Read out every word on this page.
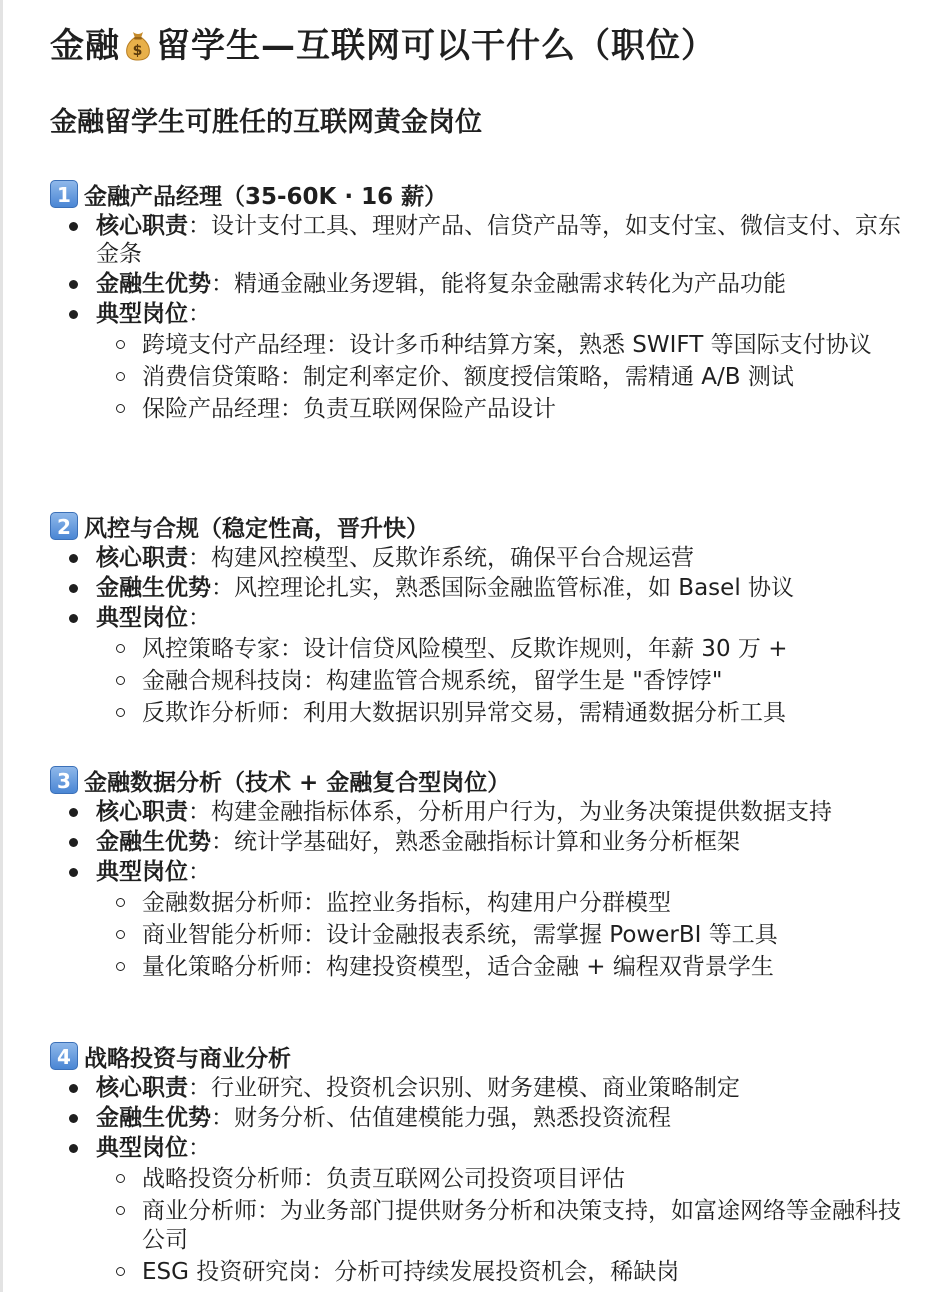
金融 $ 留学生—互联网可以干什么（职位）
金融留学生可胜任的互联网黄金岗位
1 金融产品经理（35-60K · 16 薪）
核心职责：设计支付工具、理财产品、信贷产品等，如支付宝、微信支付、京东金条
金融生优势：精通金融业务逻辑，能将复杂金融需求转化为产品功能
典型岗位：
跨境支付产品经理：设计多币种结算方案，熟悉 SWIFT 等国际支付协议
消费信贷策略：制定利率定价、额度授信策略，需精通 A/B 测试
保险产品经理：负责互联网保险产品设计
2 风控与合规（稳定性高，晋升快）
核心职责：构建风控模型、反欺诈系统，确保平台合规运营
金融生优势：风控理论扎实，熟悉国际金融监管标准，如 Basel 协议
典型岗位：
风控策略专家：设计信贷风险模型、反欺诈规则，年薪 30 万 +
金融合规科技岗：构建监管合规系统，留学生是 "香饽饽"
反欺诈分析师：利用大数据识别异常交易，需精通数据分析工具
3 金融数据分析（技术 + 金融复合型岗位）
核心职责：构建金融指标体系，分析用户行为，为业务决策提供数据支持
金融生优势：统计学基础好，熟悉金融指标计算和业务分析框架
典型岗位：
金融数据分析师：监控业务指标，构建用户分群模型
商业智能分析师：设计金融报表系统，需掌握 PowerBI 等工具
量化策略分析师：构建投资模型，适合金融 + 编程双背景学生
4 战略投资与商业分析
核心职责：行业研究、投资机会识别、财务建模、商业策略制定
金融生优势：财务分析、估值建模能力强，熟悉投资流程
典型岗位：
战略投资分析师：负责互联网公司投资项目评估
商业分析师：为业务部门提供财务分析和决策支持，如富途网络等金融科技公司
ESG 投资研究岗：分析可持续发展投资机会，稀缺岗
